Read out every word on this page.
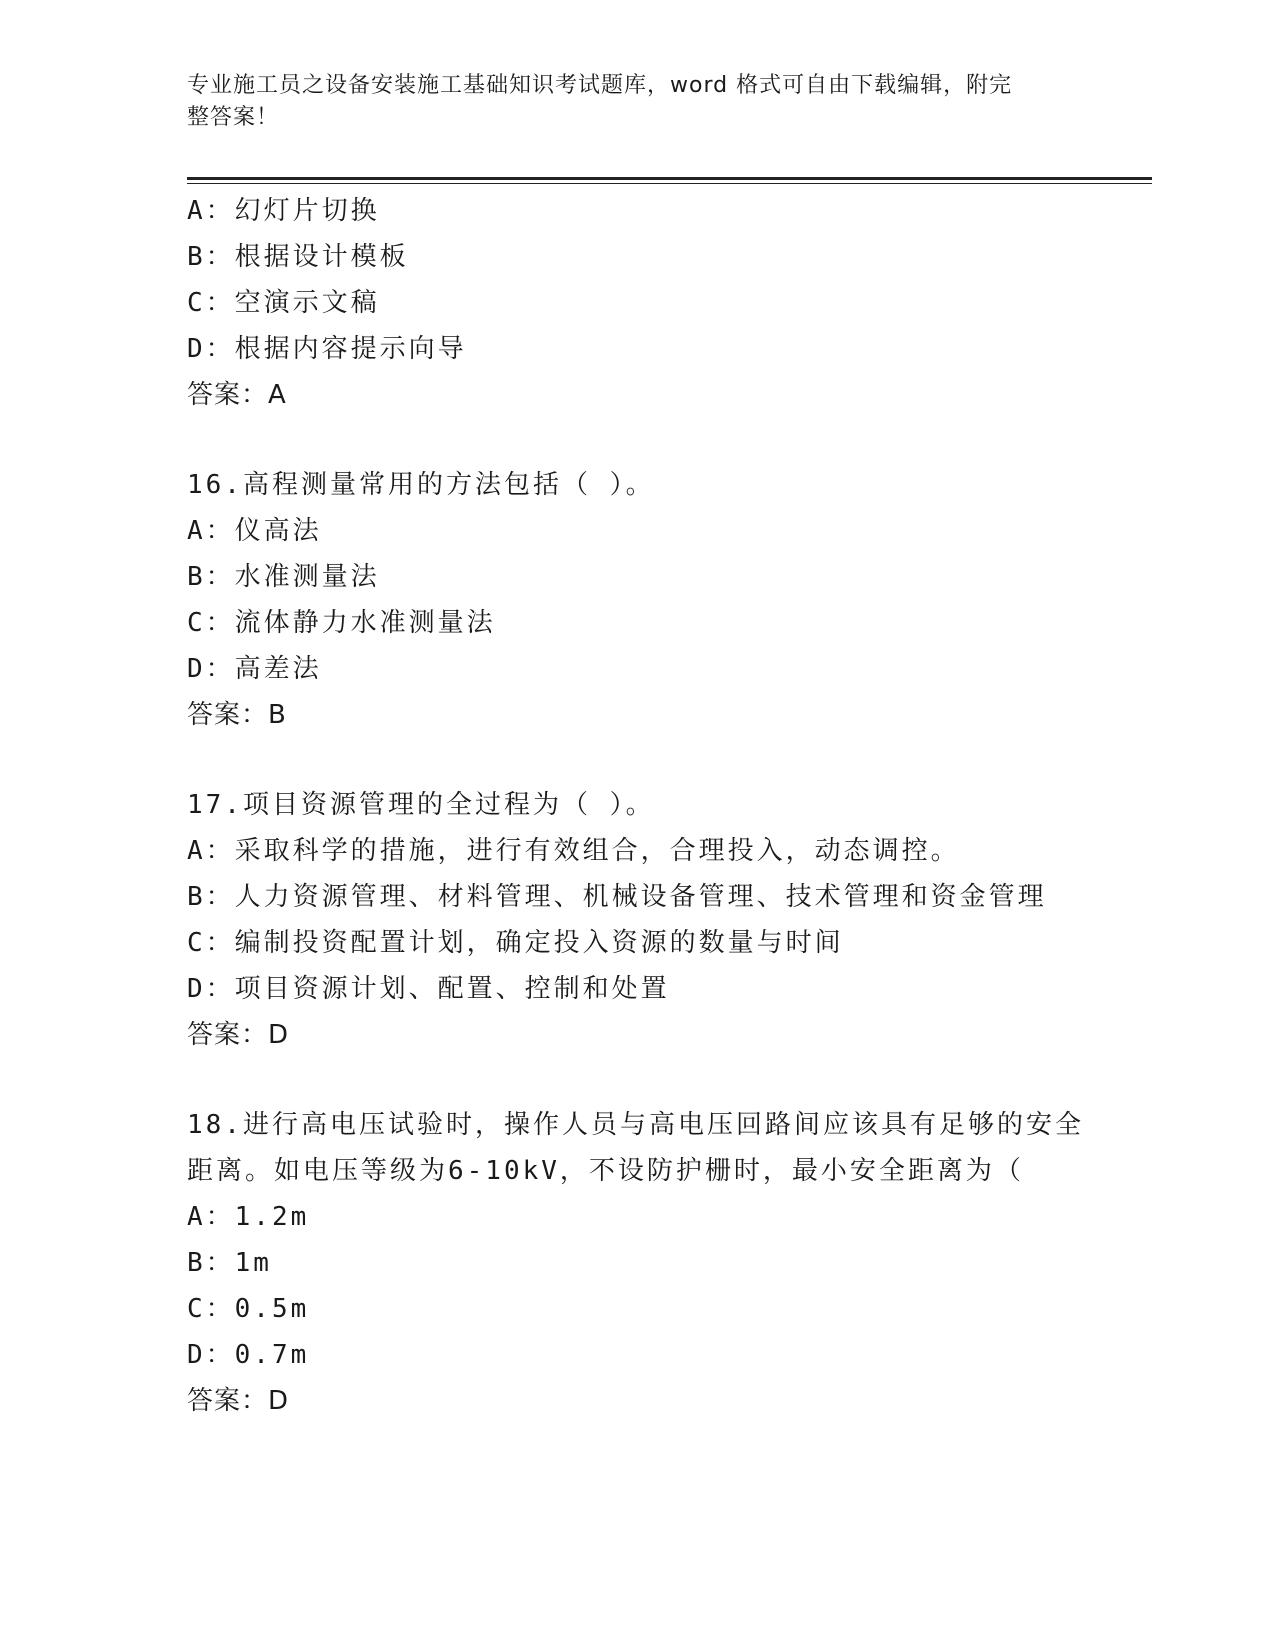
专业施工员之设备安装施工基础知识考试题库，word 格式可自由下载编辑，附完
整答案！
A：幻灯片切换
B：根据设计模板
C：空演示文稿
D：根据内容提示向导
答案：A
16.高程测量常用的方法包括（ ）。
A：仪高法
B：水准测量法
C：流体静力水准测量法
D：高差法
答案：B
17.项目资源管理的全过程为（ ）。
A：采取科学的措施，进行有效组合，合理投入，动态调控。
B：人力资源管理、材料管理、机械设备管理、技术管理和资金管理
C：编制投资配置计划，确定投入资源的数量与时间
D：项目资源计划、配置、控制和处置
答案：D
18.进行高电压试验时，操作人员与高电压回路间应该具有足够的安全
距离。如电压等级为6-10kV，不设防护栅时，最小安全距离为（
A：1.2m
B：1m
C：0.5m
D：0.7m
答案：D
